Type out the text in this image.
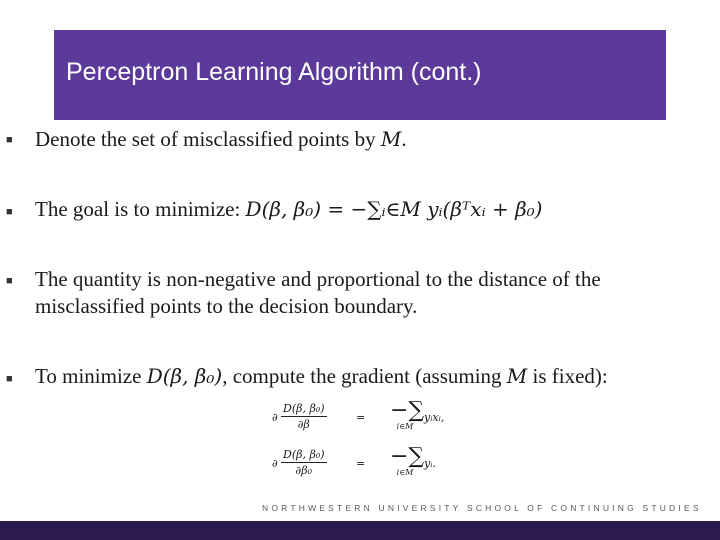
Perceptron Learning Algorithm (cont.)
■ Denote the set of misclassified points by M.
■ The goal is to minimize: D(β, β₀) = −∑ᵢ∈M yᵢ(βᵀxᵢ + β₀)
■ The quantity is non-negative and proportional to the distance of the
misclassified points to the decision boundary.
■ To minimize D(β, β₀), compute the gradient (assuming M is fixed):
∂ $\frac{\text{D(β, β₀)}}{\partial\beta}$	= −∑
i∈M
yᵢxᵢ,
∂ $\frac{\text{D(β, β₀)}}{\text{∂β₀}}$	= −∑
i∈M
yᵢ.
NORTHWESTERN UNIVERSITY SCHOOL OF CONTINUING STUDIES
